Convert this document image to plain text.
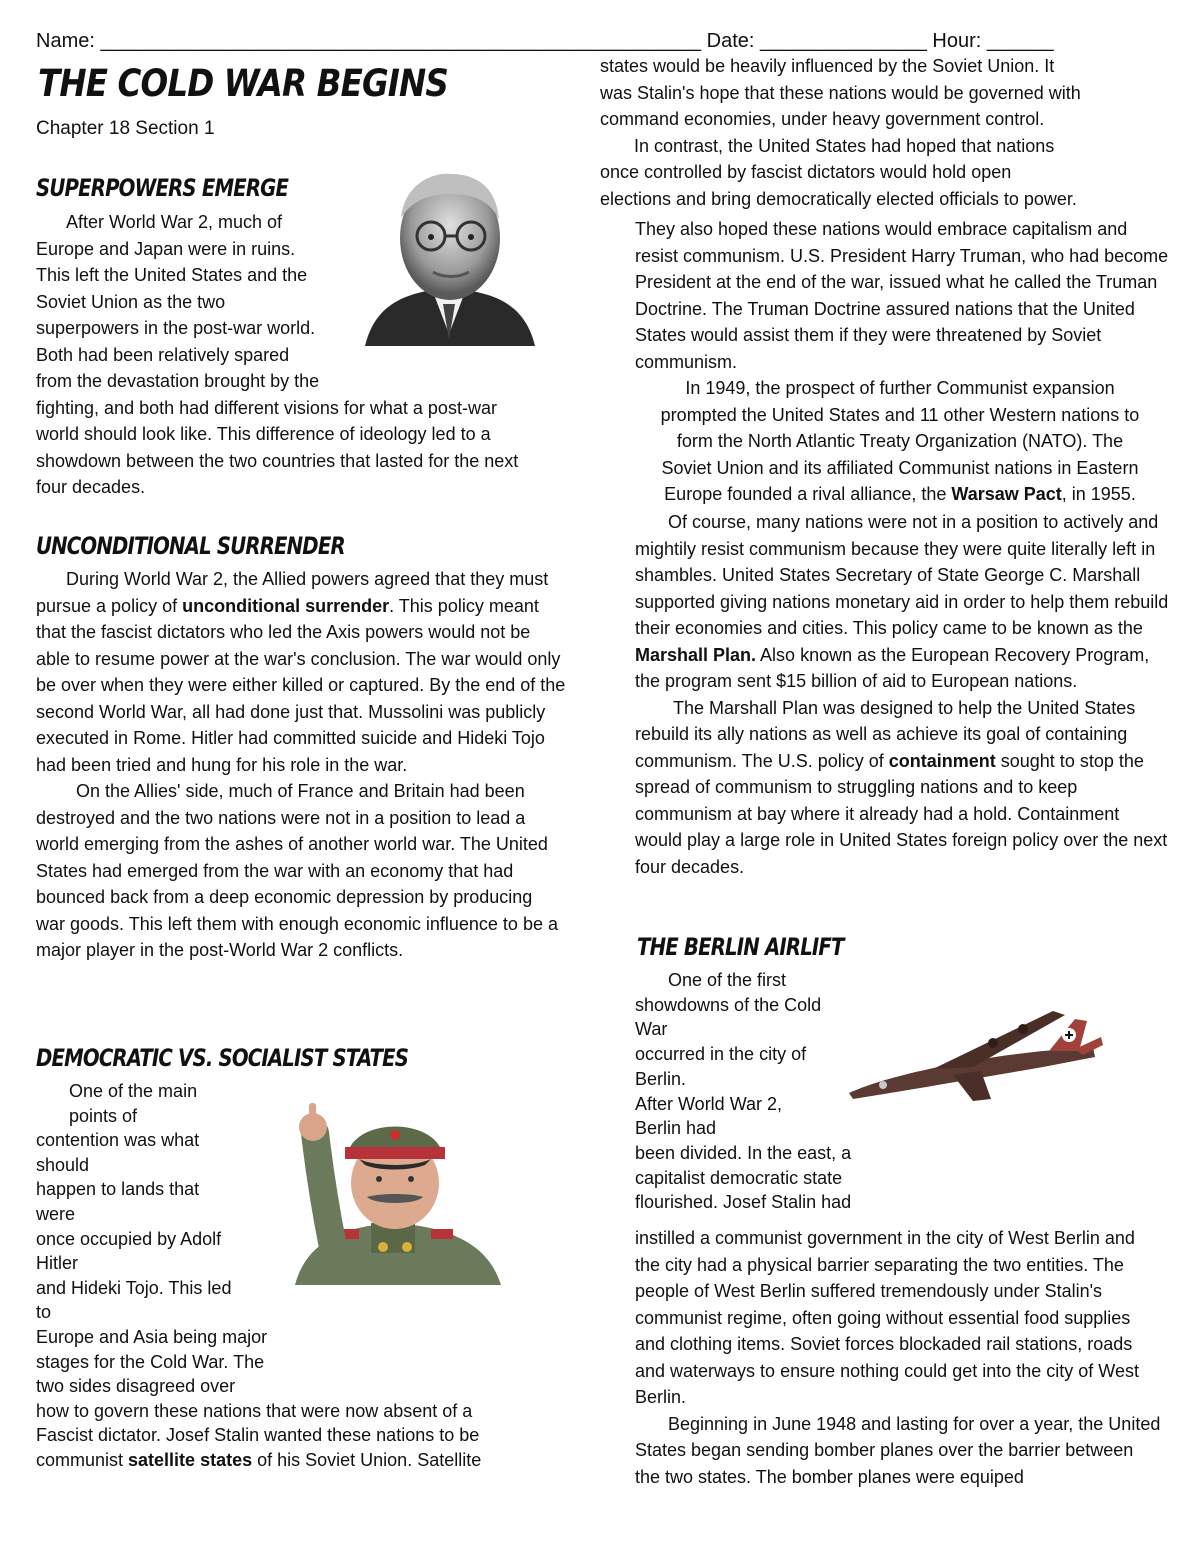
Name: ______________________________________________________ Date: _______________ Hour: ______
THE COLD WAR BEGINS
Chapter 18 Section 1
SUPERPOWERS EMERGE
After World War 2, much of
Europe and Japan were in ruins.
This left the United States and the
Soviet Union as the two
superpowers in the post-war world.
Both had been relatively spared
from the devastation brought by the
fighting, and both had different visions for what a post-war
world should look like. This difference of ideology led to a
showdown between the two countries that lasted for the next
four decades.
UNCONDITIONAL SURRENDER
During World War 2, the Allied powers agreed that they must pursue a policy of unconditional surrender. This policy meant that the fascist dictators who led the Axis powers would not be able to resume power at the war's conclusion. The war would only be over when they were either killed or captured. By the end of the second World War, all had done just that. Mussolini was publicly executed in Rome. Hitler had committed suicide and Hideki Tojo had been tried and hung for his role in the war.
On the Allies' side, much of France and Britain had been destroyed and the two nations were not in a position to lead a world emerging from the ashes of another world war. The United States had emerged from the war with an economy that had bounced back from a deep economic depression by producing war goods. This left them with enough economic influence to be a major player in the post-World War 2 conflicts.
DEMOCRATIC VS. SOCIALIST STATES
One of the main
points of
contention was what
should
happen to lands that
were
once occupied by Adolf
Hitler
and Hideki Tojo. This led
to
Europe and Asia being major
stages for the Cold War. The
two sides disagreed over
how to govern these nations that were now absent of a
Fascist dictator. Josef Stalin wanted these nations to be
communist satellite states of his Soviet Union. Satellite
states would be heavily influenced by the Soviet Union. It
was Stalin's hope that these nations would be governed with
command economies, under heavy government control.
In contrast, the United States had hoped that nations
once controlled by fascist dictators would hold open
elections and bring democratically elected officials to power.
They also hoped these nations would embrace capitalism and resist communism. U.S. President Harry Truman, who had become President at the end of the war, issued what he called the Truman Doctrine. The Truman Doctrine assured nations that the United States would assist them if they were threatened by Soviet communism.
In 1949, the prospect of further Communist expansion
prompted the United States and 11 other Western nations to
form the North Atlantic Treaty Organization (NATO). The
Soviet Union and its affiliated Communist nations in Eastern
Europe founded a rival alliance, the Warsaw Pact, in 1955.
Of course, many nations were not in a position to actively and mightily resist communism because they were quite literally left in shambles. United States Secretary of State George C. Marshall supported giving nations monetary aid in order to help them rebuild their economies and cities. This policy came to be known as the Marshall Plan. Also known as the European Recovery Program, the program sent $15 billion of aid to European nations.
The Marshall Plan was designed to help the United States rebuild its ally nations as well as achieve its goal of containing communism. The U.S. policy of containment sought to stop the spread of communism to struggling nations and to keep communism at bay where it already had a hold. Containment would play a large role in United States foreign policy over the next four decades.
THE BERLIN AIRLIFT
One of the first
showdowns of the Cold
War
occurred in the city of
Berlin.
After World War 2,
Berlin had
been divided. In the east, a
capitalist democratic state
flourished. Josef Stalin had
instilled a communist government in the city of West Berlin and the city had a physical barrier separating the two entities. The people of West Berlin suffered tremendously under Stalin's communist regime, often going without essential food supplies and clothing items. Soviet forces blockaded rail stations, roads and waterways to ensure nothing could get into the city of West Berlin.
Beginning in June 1948 and lasting for over a year, the United States began sending bomber planes over the barrier between the two states. The bomber planes were equiped
